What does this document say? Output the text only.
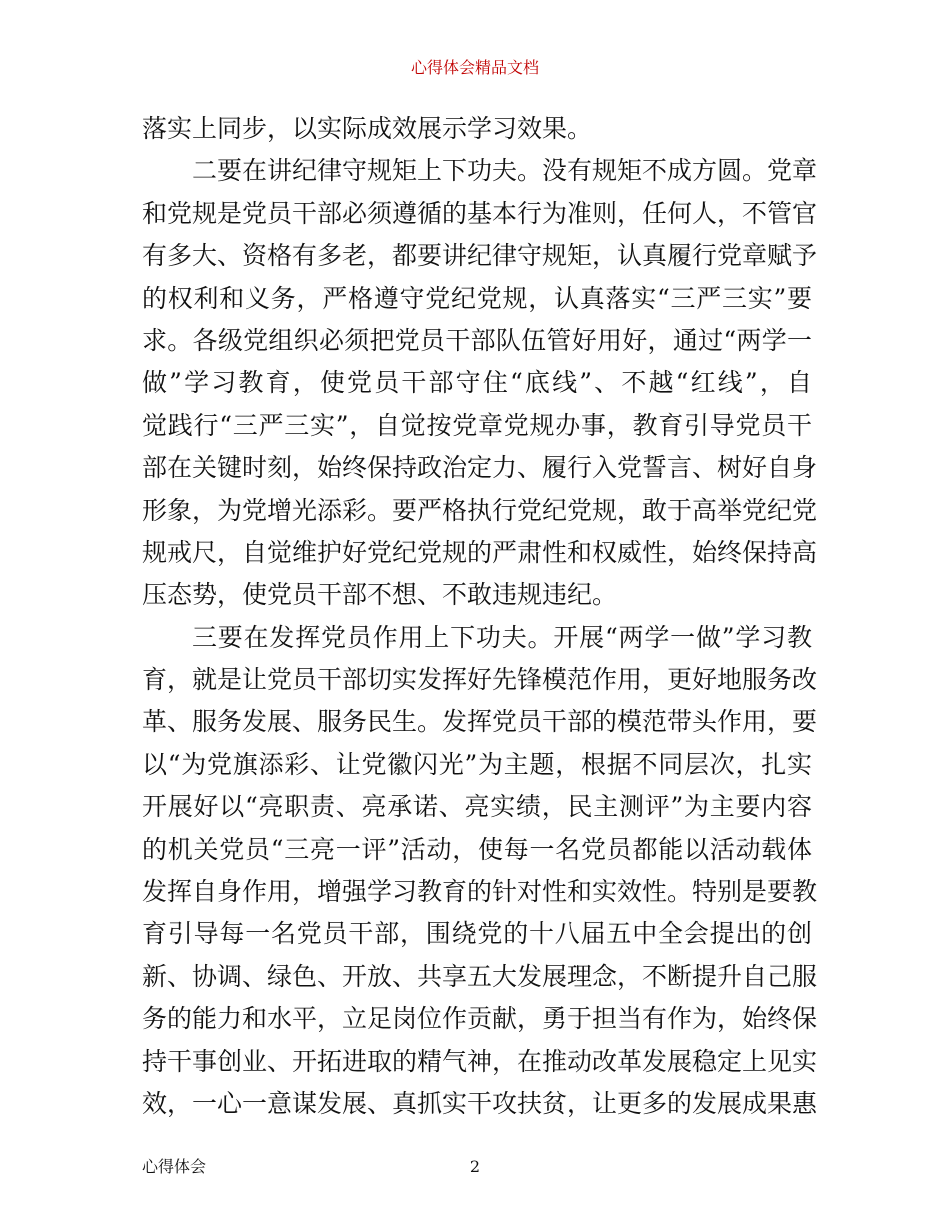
心得体会精品文档
落实上同步，以实际成效展示学习效果。
二要在讲纪律守规矩上下功夫。没有规矩不成方圆。党章
和党规是党员干部必须遵循的基本行为准则，任何人，不管官
有多大、资格有多老，都要讲纪律守规矩，认真履行党章赋予
的权利和义务，严格遵守党纪党规，认真落实“三严三实”要
求。各级党组织必须把党员干部队伍管好用好，通过“两学一
做”学习教育，使党员干部守住“底线”、不越“红线”，自
觉践行“三严三实”，自觉按党章党规办事，教育引导党员干
部在关键时刻，始终保持政治定力、履行入党誓言、树好自身
形象，为党增光添彩。要严格执行党纪党规，敢于高举党纪党
规戒尺，自觉维护好党纪党规的严肃性和权威性，始终保持高
压态势，使党员干部不想、不敢违规违纪。
三要在发挥党员作用上下功夫。开展“两学一做”学习教
育，就是让党员干部切实发挥好先锋模范作用，更好地服务改
革、服务发展、服务民生。发挥党员干部的模范带头作用，要
以“为党旗添彩、让党徽闪光”为主题，根据不同层次，扎实
开展好以“亮职责、亮承诺、亮实绩，民主测评”为主要内容
的机关党员“三亮一评”活动，使每一名党员都能以活动载体
发挥自身作用，增强学习教育的针对性和实效性。特别是要教
育引导每一名党员干部，围绕党的十八届五中全会提出的创
新、协调、绿色、开放、共享五大发展理念，不断提升自己服
务的能力和水平，立足岗位作贡献，勇于担当有作为，始终保
持干事创业、开拓进取的精气神，在推动改革发展稳定上见实
效，一心一意谋发展、真抓实干攻扶贫，让更多的发展成果惠
心得体会	2
